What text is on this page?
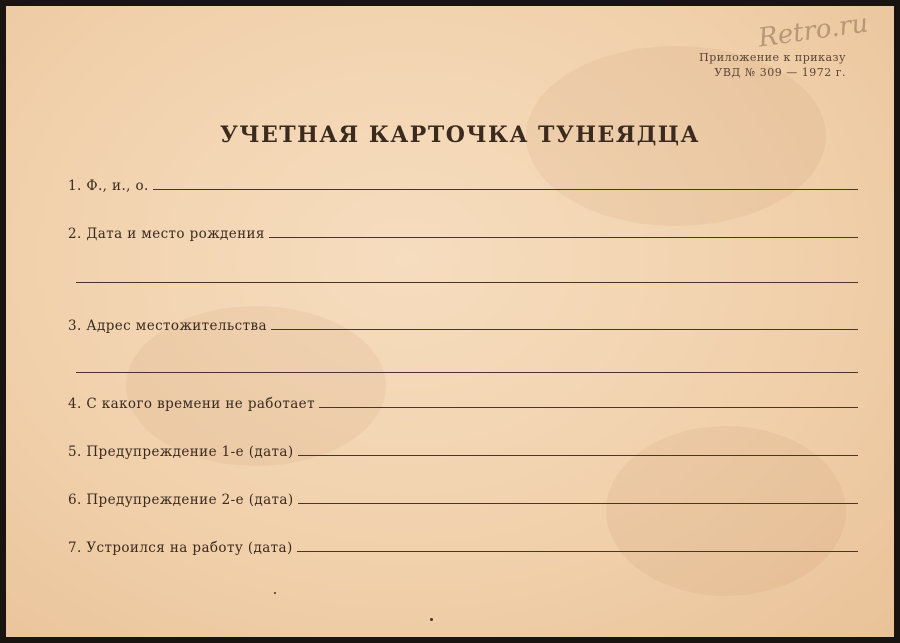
Retro.ru
Приложение к приказу
УВД № 309 — 1972 г.
УЧЕТНАЯ КАРТОЧКА ТУНЕЯДЦА
1. Ф., и., о.
2. Дата и место рождения
3. Адрес местожительства
4. С какого времени не работает
5. Предупреждение 1-е (дата)
6. Предупреждение 2-е (дата)
7. Устроился на работу (дата)
